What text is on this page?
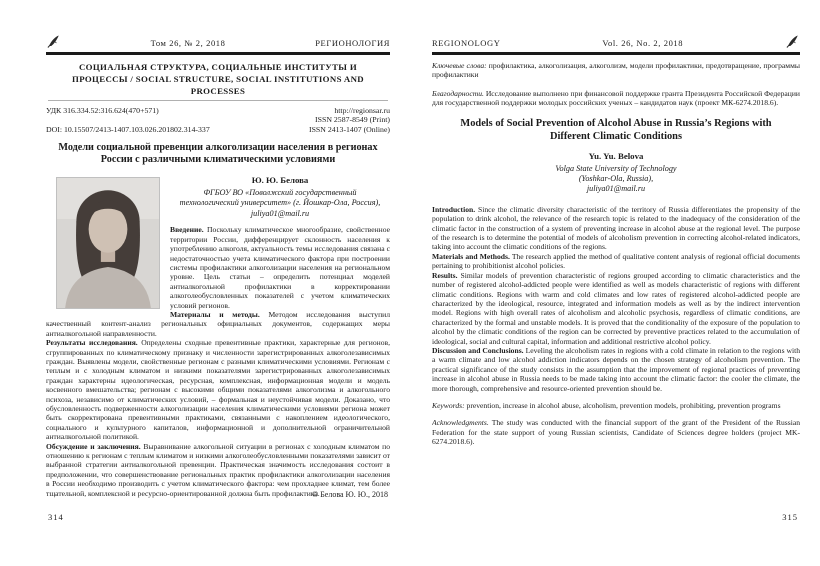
Том 26, № 2, 2018	РЕГИОНОЛОГИЯ
СОЦИАЛЬНАЯ СТРУКТУРА, СОЦИАЛЬНЫЕ ИНСТИТУТЫ И ПРОЦЕССЫ / SOCIAL STRUCTURE, SOCIAL INSTITUTIONS AND PROCESSES
УДК 316.334.52:316.624(470+571)
DOI: 10.15507/2413-1407.103.026.201802.314-337
http://regionsar.ru
ISSN 2587-8549 (Print)
ISSN 2413-1407 (Online)
Модели социальной превенции алкоголизации населения в регионах России с различными климатическими условиями
Ю. Ю. Белова
ФГБОУ ВО «Поволжский государственный
технологический университет» (г. Йошкар-Ола, Россия),
juliya01@mail.ru

Введение. Поскольку климатическое многообразие, свойственное территории России, дифференцирует склонность населения к употреблению алкоголя, актуальность темы исследования связана с недостаточностью учета климатического фактора при построении системы профилактики алкоголизации населения на региональном уровне. Цель статьи – определить потенциал моделей антиалкогольной профилактики в корректировании алкоголеобусловленных показателей с учетом климатических условий регионов.

Материалы и методы. Методом исследования выступил качественный контент-анализ региональных официальных документов, содержащих меры антиалкогольной направленности.

Результаты исследования. Определены сходные превентивные практики, характерные для регионов, сгруппированных по климатическому признаку и численности зарегистрированных алкоголезависимых граждан. Выявлены модели, свойственные регионам с разными климатическими условиями. Регионам с теплым и с холодным климатом и низкими показателями зарегистрированных алкоголезависимых граждан характерны идеологическая, ресурсная, комплексная, информационная модели и модель косвенного вмешательства; регионам с высокими общими показателями алкоголизма и алкогольного психоза, независимо от климатических условий, – формальная и неустойчивая модели. Доказано, что обусловленность подверженности алкоголизации населения климатическими условиями региона может быть скорректирована превентивными практиками, связанными с накоплением идеологического, социального и культурного капиталов, информационной и дополнительной ограничительной антиалкогольной политикой.

Обсуждение и заключения. Выравнивание алкогольной ситуации в регионах с холодным климатом по отношению к регионам с теплым климатом и низкими алкоголеобусловленными показателями зависит от выбранной стратегии антиалкогольной превенции. Практическая значимость исследования состоит в предположении, что совершенствование региональных практик профилактики алкоголизации населения в России необходимо производить с учетом климатического фактора: чем прохладнее климат, тем более тщательной, комплексной и ресурсно-ориентированной должна быть профилактика.

© Белова Ю. Ю., 2018
314
REGIONOLOGY	Vol. 26, No. 2, 2018

Ключевые слова: профилактика, алкоголизация, алкоголизм, модели профилактики, предотвращение, программы профилактики

Благодарности. Исследование выполнено при финансовой поддержке гранта Президента Российской Федерации для государственной поддержки молодых российских ученых – кандидатов наук (проект МК-6274.2018.6).

Models of Social Prevention of Alcohol Abuse in Russia’s Regions with Different Climatic Conditions
Yu. Yu. Belova
Volga State University of Technology
(Yoshkar-Ola, Russia),
juliya01@mail.ru

Introduction. Since the climatic diversity characteristic of the territory of Russia differentiates the propensity of the population to drink alcohol, the relevance of the research topic is related to the inadequacy of the consideration of the climatic factor in the construction of a system of preventing increase in alcohol abuse at the regional level. The purpose of the research is to determine the potential of models of alcoholism prevention in correcting alcohol-related indicators, taking into account the climatic conditions of the regions.

Materials and Methods. The research applied the method of qualitative content analysis of regional official documents pertaining to prohibitionist alcohol policies.

Results. Similar models of prevention characteristic of regions grouped according to climatic characteristics and the number of registered alcohol-addicted people were identified as well as models characteristic of regions with different climatic conditions. Regions with warm and cold climates and low rates of registered alcohol-addicted people are characterized by the ideological, resource, integrated and information models as well as by the indirect intervention model. Regions with high overall rates of alcoholism and alcoholic psychosis, regardless of climatic conditions, are characterized by the formal and unstable models. It is proved that the conditionality of the exposure of the population to alcohol by the climatic conditions of the region can be corrected by preventive practices related to the accumulation of ideological, social and cultural capital, information and additional restrictive alcohol policy.

Discussion and Conclusions. Leveling the alcoholism rates in regions with a cold climate in relation to the regions with a warm climate and low alcohol addiction indicators depends on the chosen strategy of alcoholism prevention. The practical significance of the study consists in the assumption that the improvement of regional practices of preventing increase in alcohol abuse in Russia needs to be made taking into account the climatic factor: the cooler the climate, the more thorough, comprehensive and resource-oriented prevention should be.

Keywords: prevention, increase in alcohol abuse, alcoholism, prevention models, prohibiting, prevention programs

Acknowledgments. The study was conducted with the financial support of the grant of the President of the Russian Federation for the state support of young Russian scientists, Candidate of Sciences degree holders (project MK-6274.2018.6).

315
